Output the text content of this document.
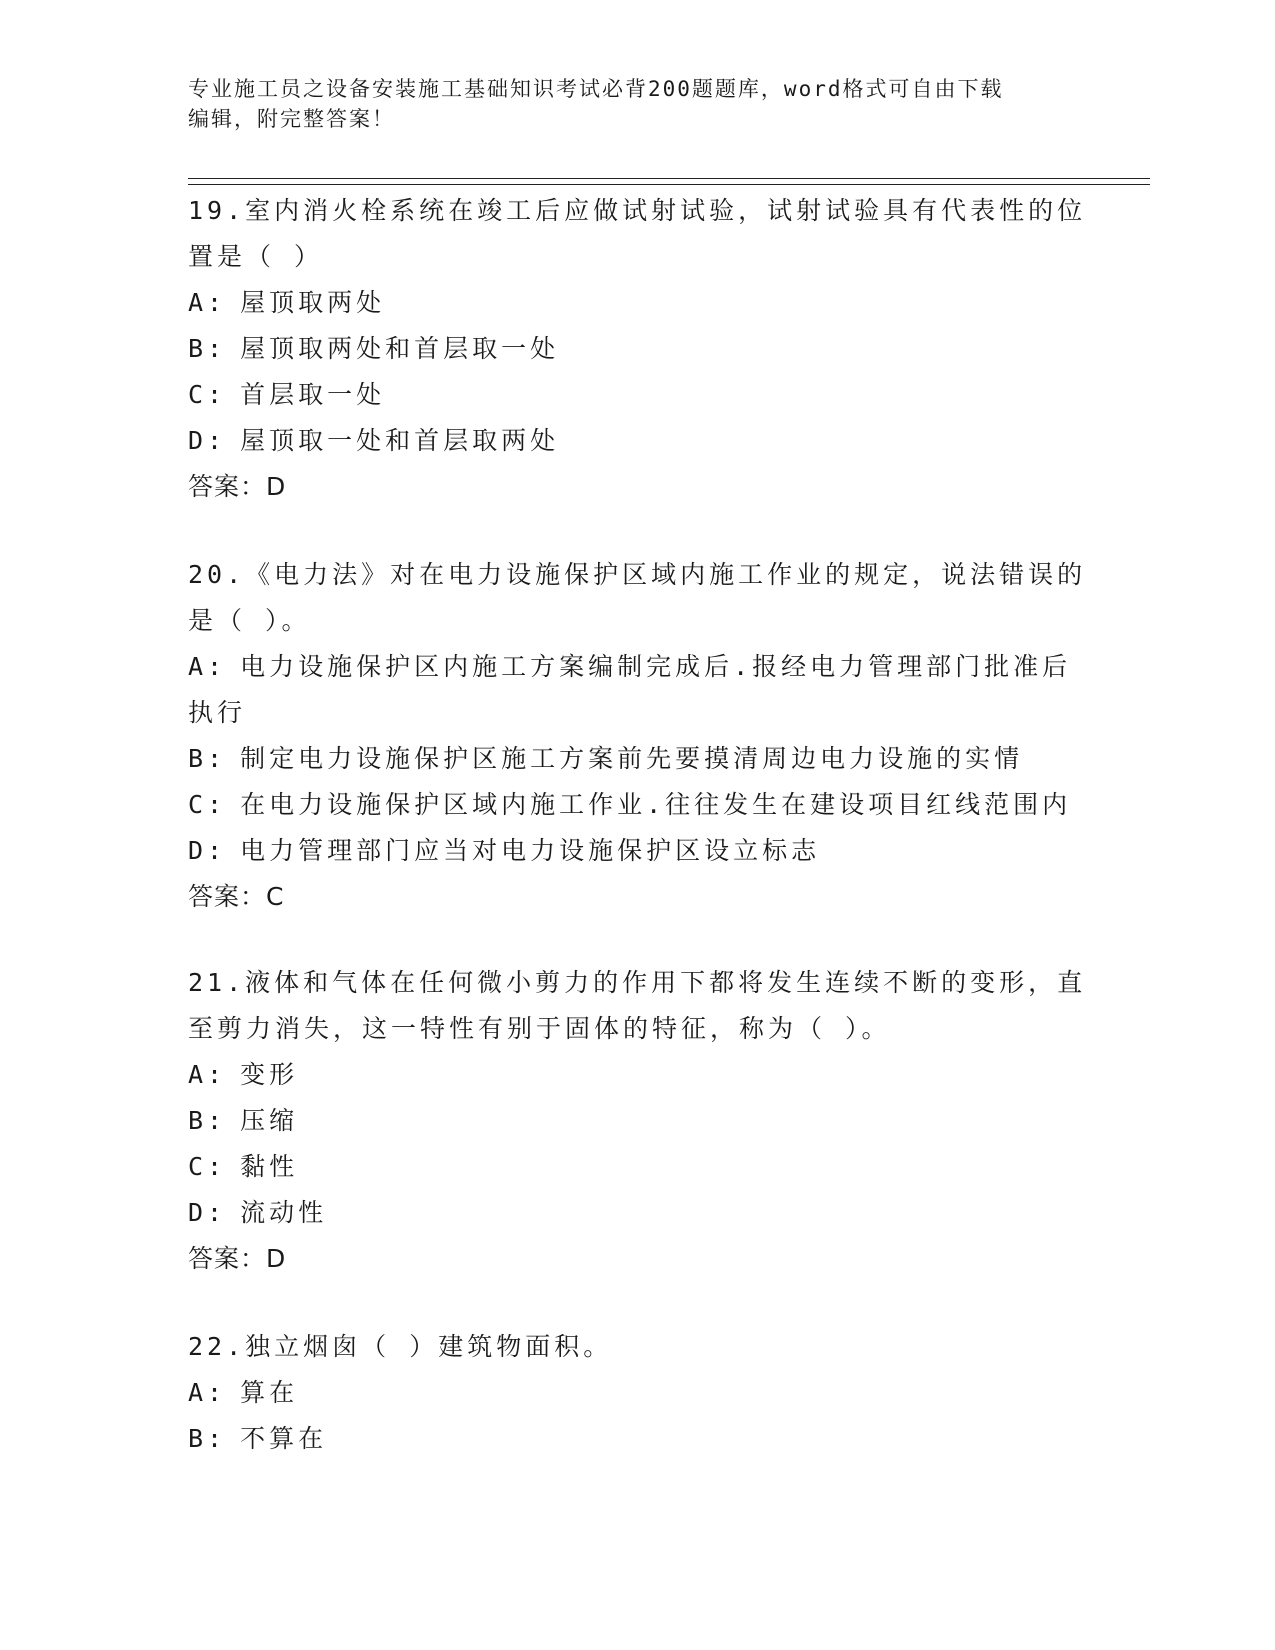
专业施工员之设备安装施工基础知识考试必背200题题库，word格式可自由下载
编辑，附完整答案！

19.室内消火栓系统在竣工后应做试射试验，试射试验具有代表性的位

置是（ ）

A: 屋顶取两处

B: 屋顶取两处和首层取一处

C: 首层取一处

D: 屋顶取一处和首层取两处

答案：D

20.《电力法》对在电力设施保护区域内施工作业的规定，说法错误的

是（ ）。

A: 电力设施保护区内施工方案编制完成后.报经电力管理部门批准后

执行

B: 制定电力设施保护区施工方案前先要摸清周边电力设施的实情

C: 在电力设施保护区域内施工作业.往往发生在建设项目红线范围内

D: 电力管理部门应当对电力设施保护区设立标志

答案：C

21.液体和气体在任何微小剪力的作用下都将发生连续不断的变形，直

至剪力消失，这一特性有别于固体的特征，称为（ ）。

A: 变形

B: 压缩

C: 黏性

D: 流动性

答案：D

22.独立烟囱（ ）建筑物面积。

A: 算在

B: 不算在
